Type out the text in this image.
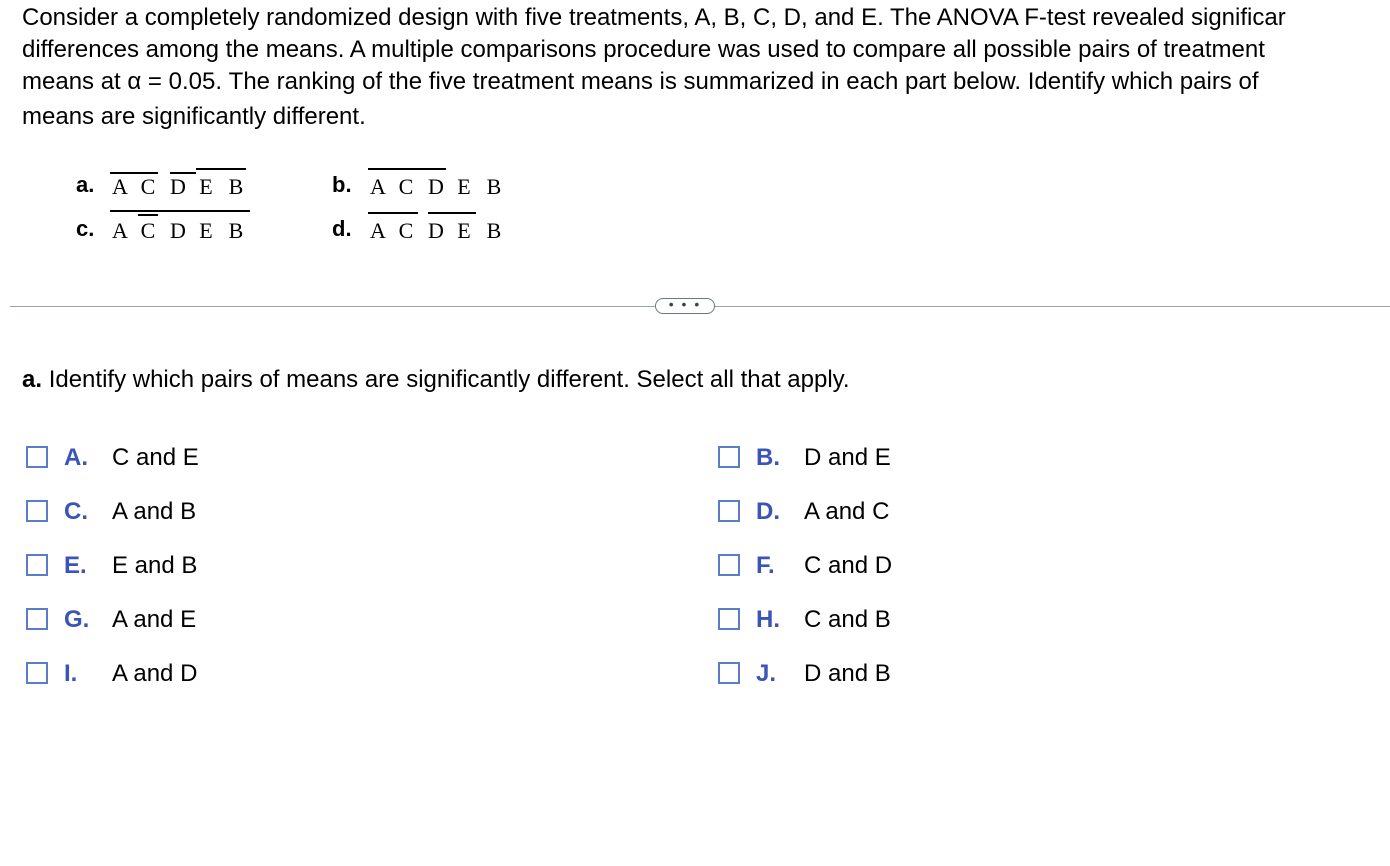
Consider a completely randomized design with five treatments, A, B, C, D, and E. The ANOVA F-test revealed significar
differences among the means. A multiple comparisons procedure was used to compare all possible pairs of treatment
means at α = 0.05. The ranking of the five treatment means is summarized in each part below. Identify which pairs of
means are significantly different.
a. A C D E B	b. A C D E B
c. A C D E B	d. A C D E B
• • •
a. Identify which pairs of means are significantly different. Select all that apply.
A. C and E	B. D and E
C. A and B	D. A and C
E. E and B	F. C and D
G. A and E	H. C and B
I. A and D	J. D and B
